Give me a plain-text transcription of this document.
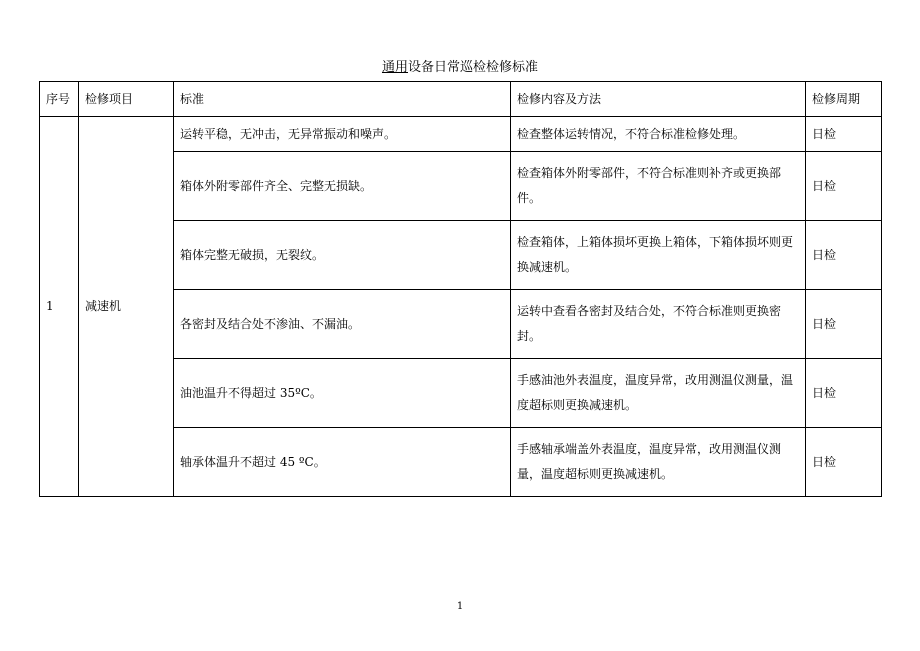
通用设备日常巡检检修标准
序号	检修项目	标准	检修内容及方法	检修周期
1	减速机	运转平稳，无冲击，无异常振动和噪声。	检查整体运转情况，不符合标准检修处理。	日检
		箱体外附零部件齐全、完整无损缺。	检查箱体外附零部件，不符合标准则补齐或更换部件。	日检
		箱体完整无破损，无裂纹。	检查箱体，上箱体损坏更换上箱体，下箱体损坏则更换减速机。	日检
		各密封及结合处不渗油、不漏油。	运转中查看各密封及结合处，不符合标准则更换密封。	日检
		油池温升不得超过 35ºC。	手感油池外表温度，温度异常，改用测温仪测量，温度超标则更换减速机。	日检
		轴承体温升不超过 45 ºC。	手感轴承端盖外表温度，温度异常，改用测温仪测量，温度超标则更换减速机。	日检
1
